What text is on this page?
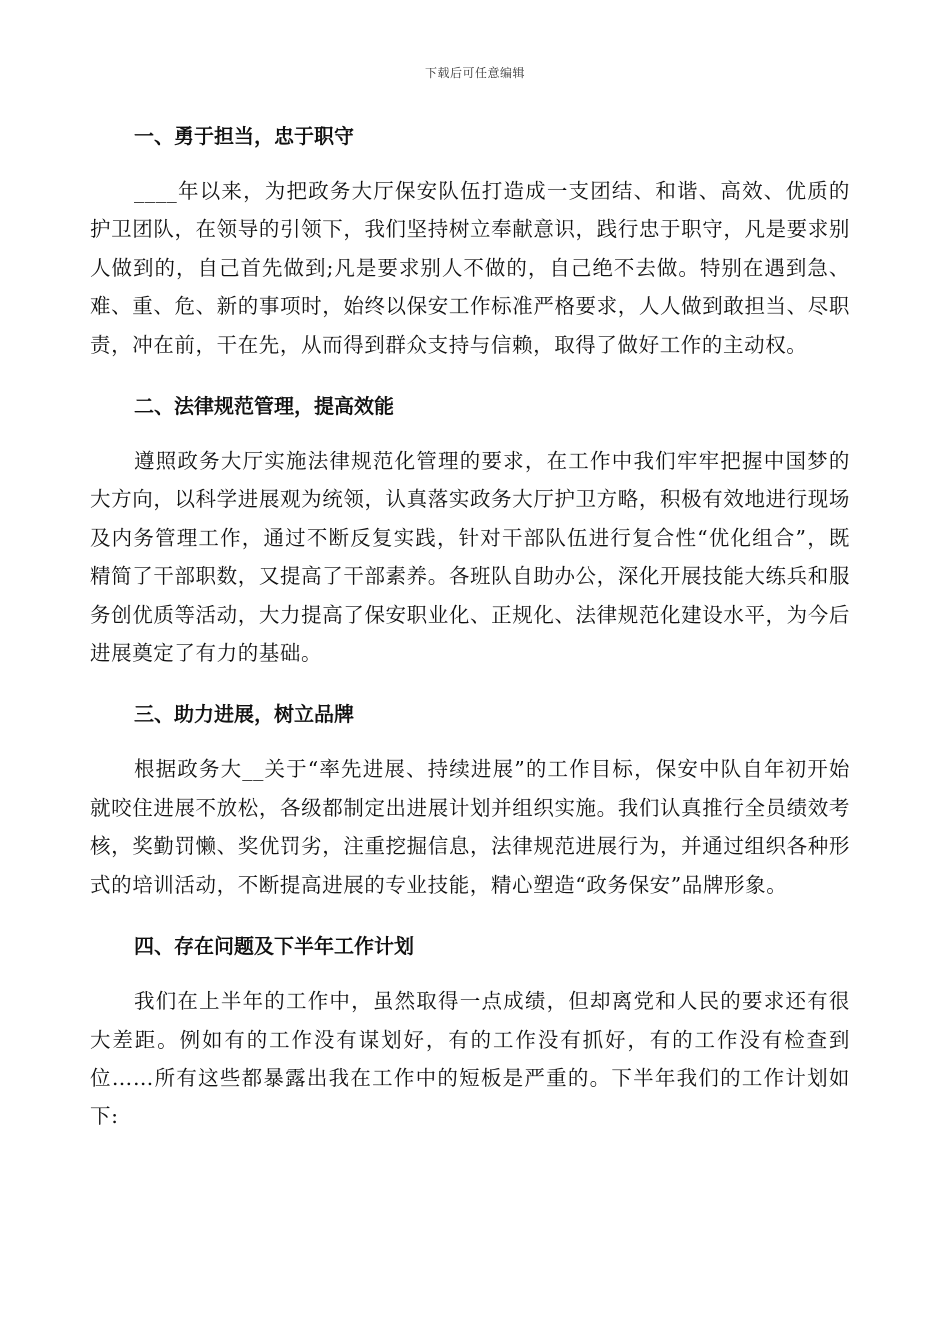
下载后可任意编辑
一、勇于担当，忠于职守

____年以来，为把政务大厅保安队伍打造成一支团结、和谐、高效、优质的护卫团队，在领导的引领下，我们坚持树立奉献意识，践行忠于职守，凡是要求别人做到的，自己首先做到;凡是要求别人不做的，自己绝不去做。特别在遇到急、难、重、危、新的事项时，始终以保安工作标准严格要求，人人做到敢担当、尽职责，冲在前，干在先，从而得到群众支持与信赖，取得了做好工作的主动权。

二、法律规范管理，提高效能

遵照政务大厅实施法律规范化管理的要求，在工作中我们牢牢把握中国梦的大方向，以科学进展观为统领，认真落实政务大厅护卫方略，积极有效地进行现场及内务管理工作，通过不断反复实践，针对干部队伍进行复合性“优化组合”，既精简了干部职数，又提高了干部素养。各班队自助办公，深化开展技能大练兵和服务创优质等活动，大力提高了保安职业化、正规化、法律规范化建设水平，为今后进展奠定了有力的基础。

三、助力进展，树立品牌

根据政务大__关于“率先进展、持续进展”的工作目标，保安中队自年初开始就咬住进展不放松，各级都制定出进展计划并组织实施。我们认真推行全员绩效考核，奖勤罚懒、奖优罚劣，注重挖掘信息，法律规范进展行为，并通过组织各种形式的培训活动，不断提高进展的专业技能，精心塑造“政务保安”品牌形象。

四、存在问题及下半年工作计划

我们在上半年的工作中，虽然取得一点成绩，但却离党和人民的要求还有很大差距。例如有的工作没有谋划好，有的工作没有抓好，有的工作没有检查到位……所有这些都暴露出我在工作中的短板是严重的。下半年我们的工作计划如下:
